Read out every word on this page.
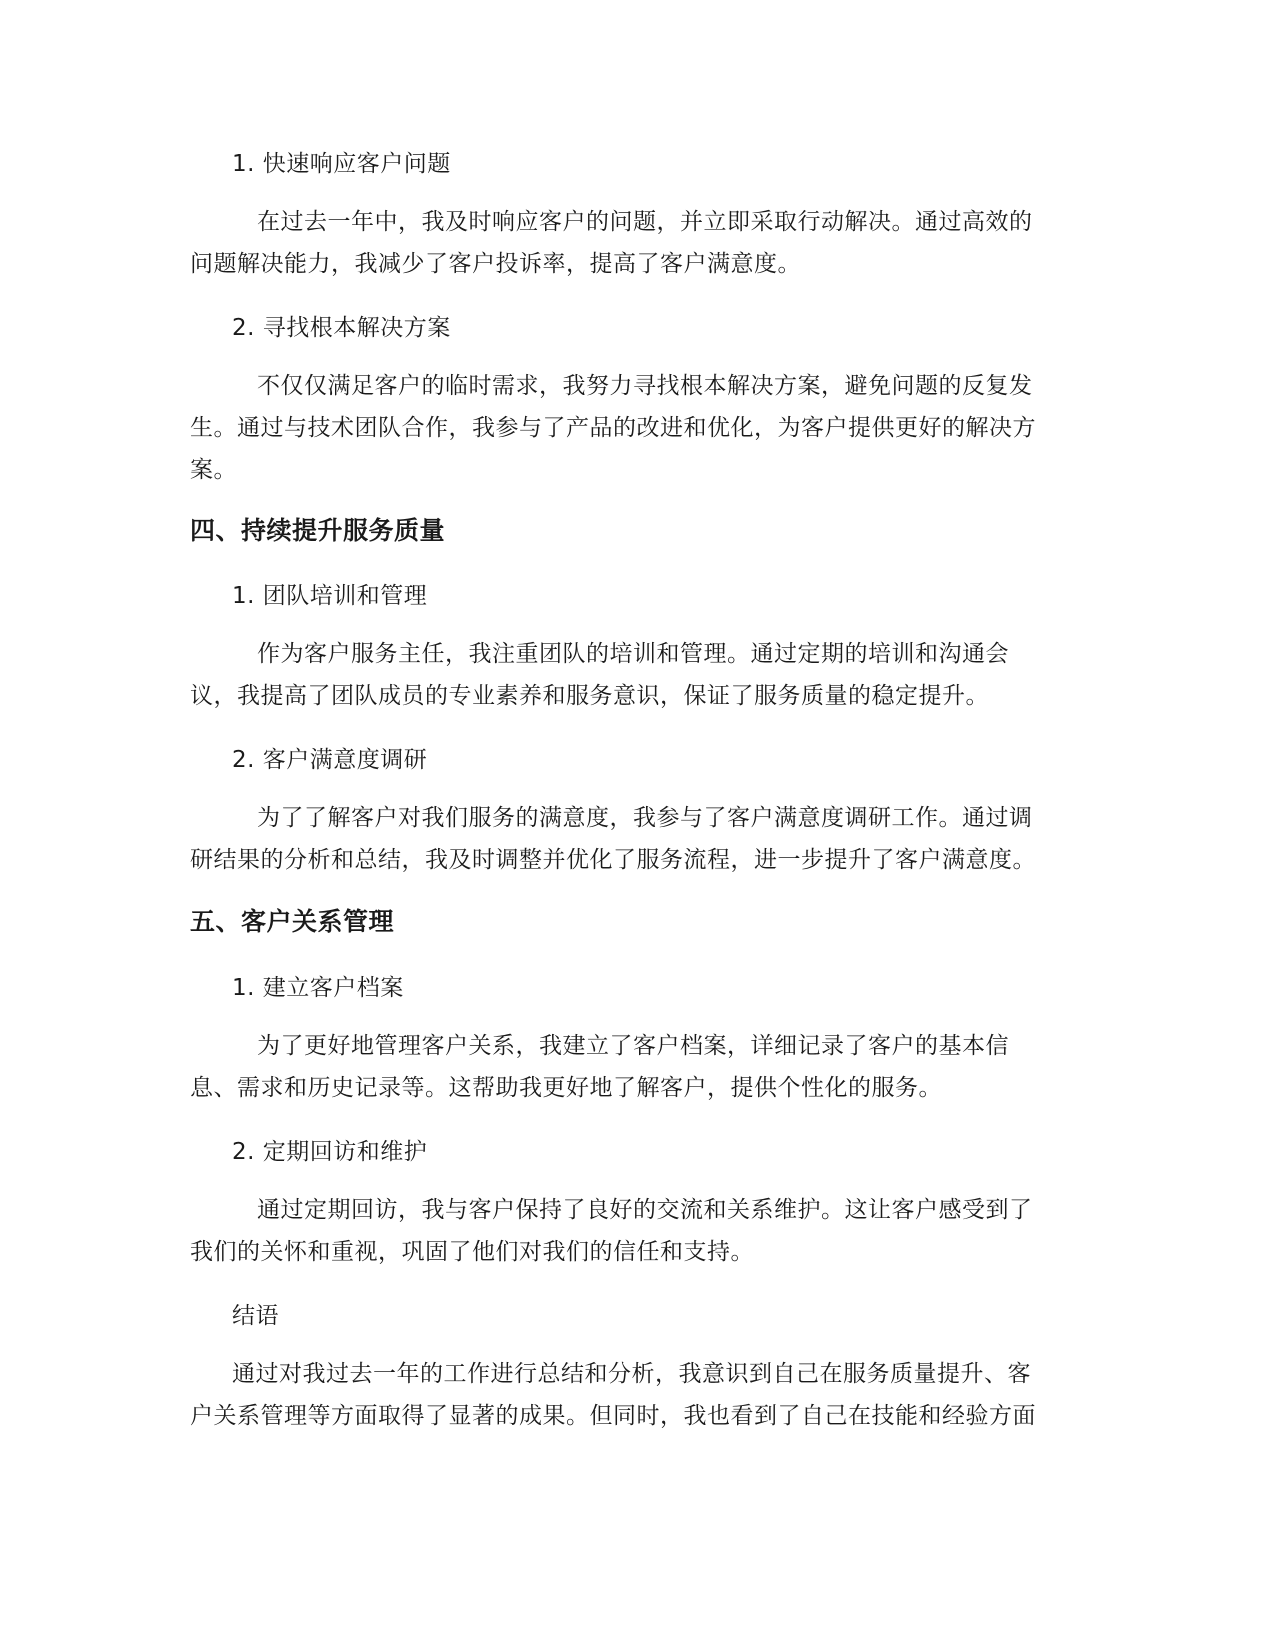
1. 快速响应客户问题
在过去一年中，我及时响应客户的问题，并立即采取行动解决。通过高效的
问题解决能力，我减少了客户投诉率，提高了客户满意度。
2. 寻找根本解决方案
不仅仅满足客户的临时需求，我努力寻找根本解决方案，避免问题的反复发
生。通过与技术团队合作，我参与了产品的改进和优化，为客户提供更好的解决方
案。
四、持续提升服务质量
1. 团队培训和管理
作为客户服务主任，我注重团队的培训和管理。通过定期的培训和沟通会
议，我提高了团队成员的专业素养和服务意识，保证了服务质量的稳定提升。
2. 客户满意度调研
为了了解客户对我们服务的满意度，我参与了客户满意度调研工作。通过调
研结果的分析和总结，我及时调整并优化了服务流程，进一步提升了客户满意度。
五、客户关系管理
1. 建立客户档案
为了更好地管理客户关系，我建立了客户档案，详细记录了客户的基本信
息、需求和历史记录等。这帮助我更好地了解客户，提供个性化的服务。
2. 定期回访和维护
通过定期回访，我与客户保持了良好的交流和关系维护。这让客户感受到了
我们的关怀和重视，巩固了他们对我们的信任和支持。
结语
通过对我过去一年的工作进行总结和分析，我意识到自己在服务质量提升、客
户关系管理等方面取得了显著的成果。但同时，我也看到了自己在技能和经验方面
